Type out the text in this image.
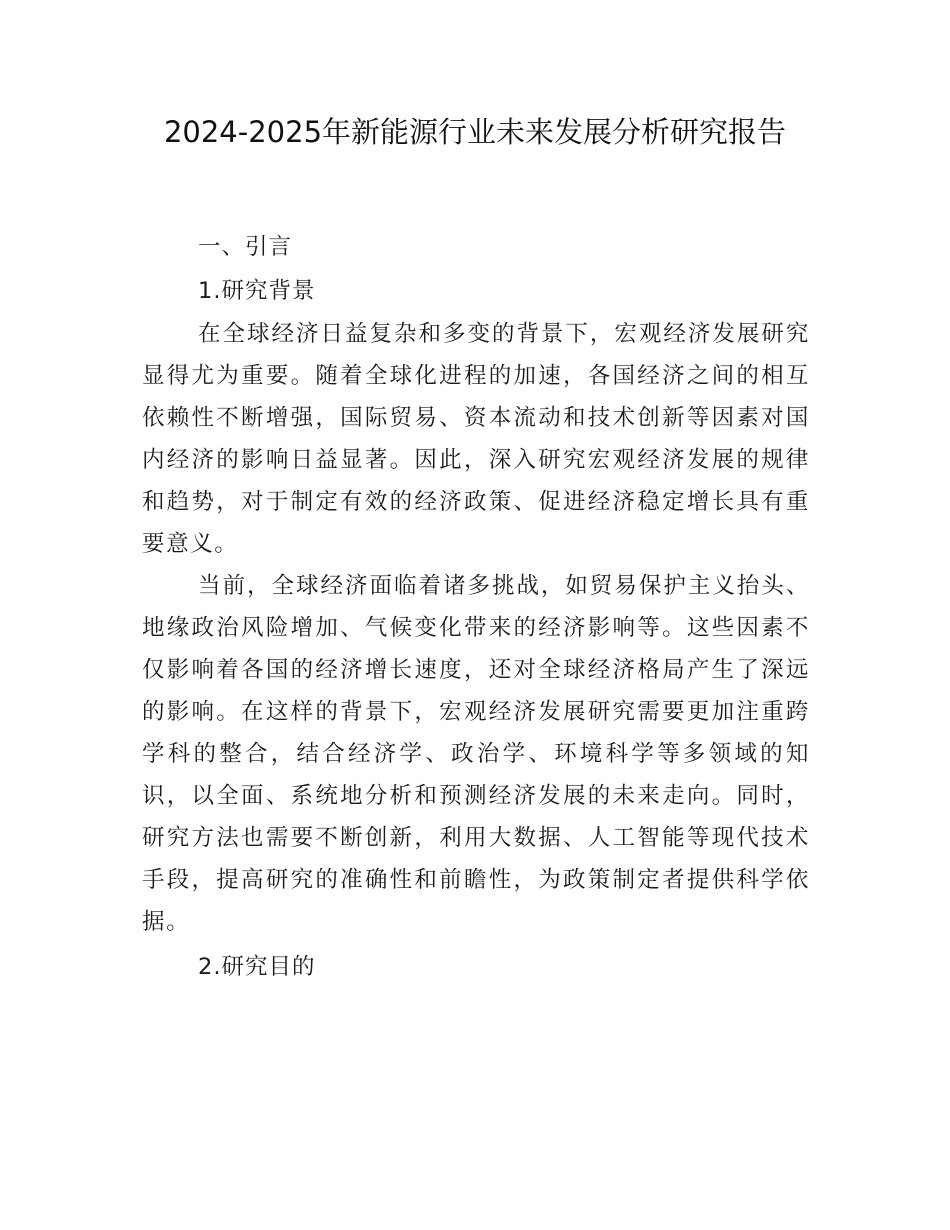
2024-2025年新能源行业未来发展分析研究报告
一、引言
1.研究背景

在全球经济日益复杂和多变的背景下，宏观经济发展研究显得尤为重要。随着全球化进程的加速，各国经济之间的相互依赖性不断增强，国际贸易、资本流动和技术创新等因素对国内经济的影响日益显著。因此，深入研究宏观经济发展的规律和趋势，对于制定有效的经济政策、促进经济稳定增长具有重要意义。

当前，全球经济面临着诸多挑战，如贸易保护主义抬头、地缘政治风险增加、气候变化带来的经济影响等。这些因素不仅影响着各国的经济增长速度，还对全球经济格局产生了深远的影响。在这样的背景下，宏观经济发展研究需要更加注重跨学科的整合，结合经济学、政治学、环境科学等多领域的知识，以全面、系统地分析和预测经济发展的未来走向。同时，研究方法也需要不断创新，利用大数据、人工智能等现代技术手段，提高研究的准确性和前瞻性，为政策制定者提供科学依据。

2.研究目的
